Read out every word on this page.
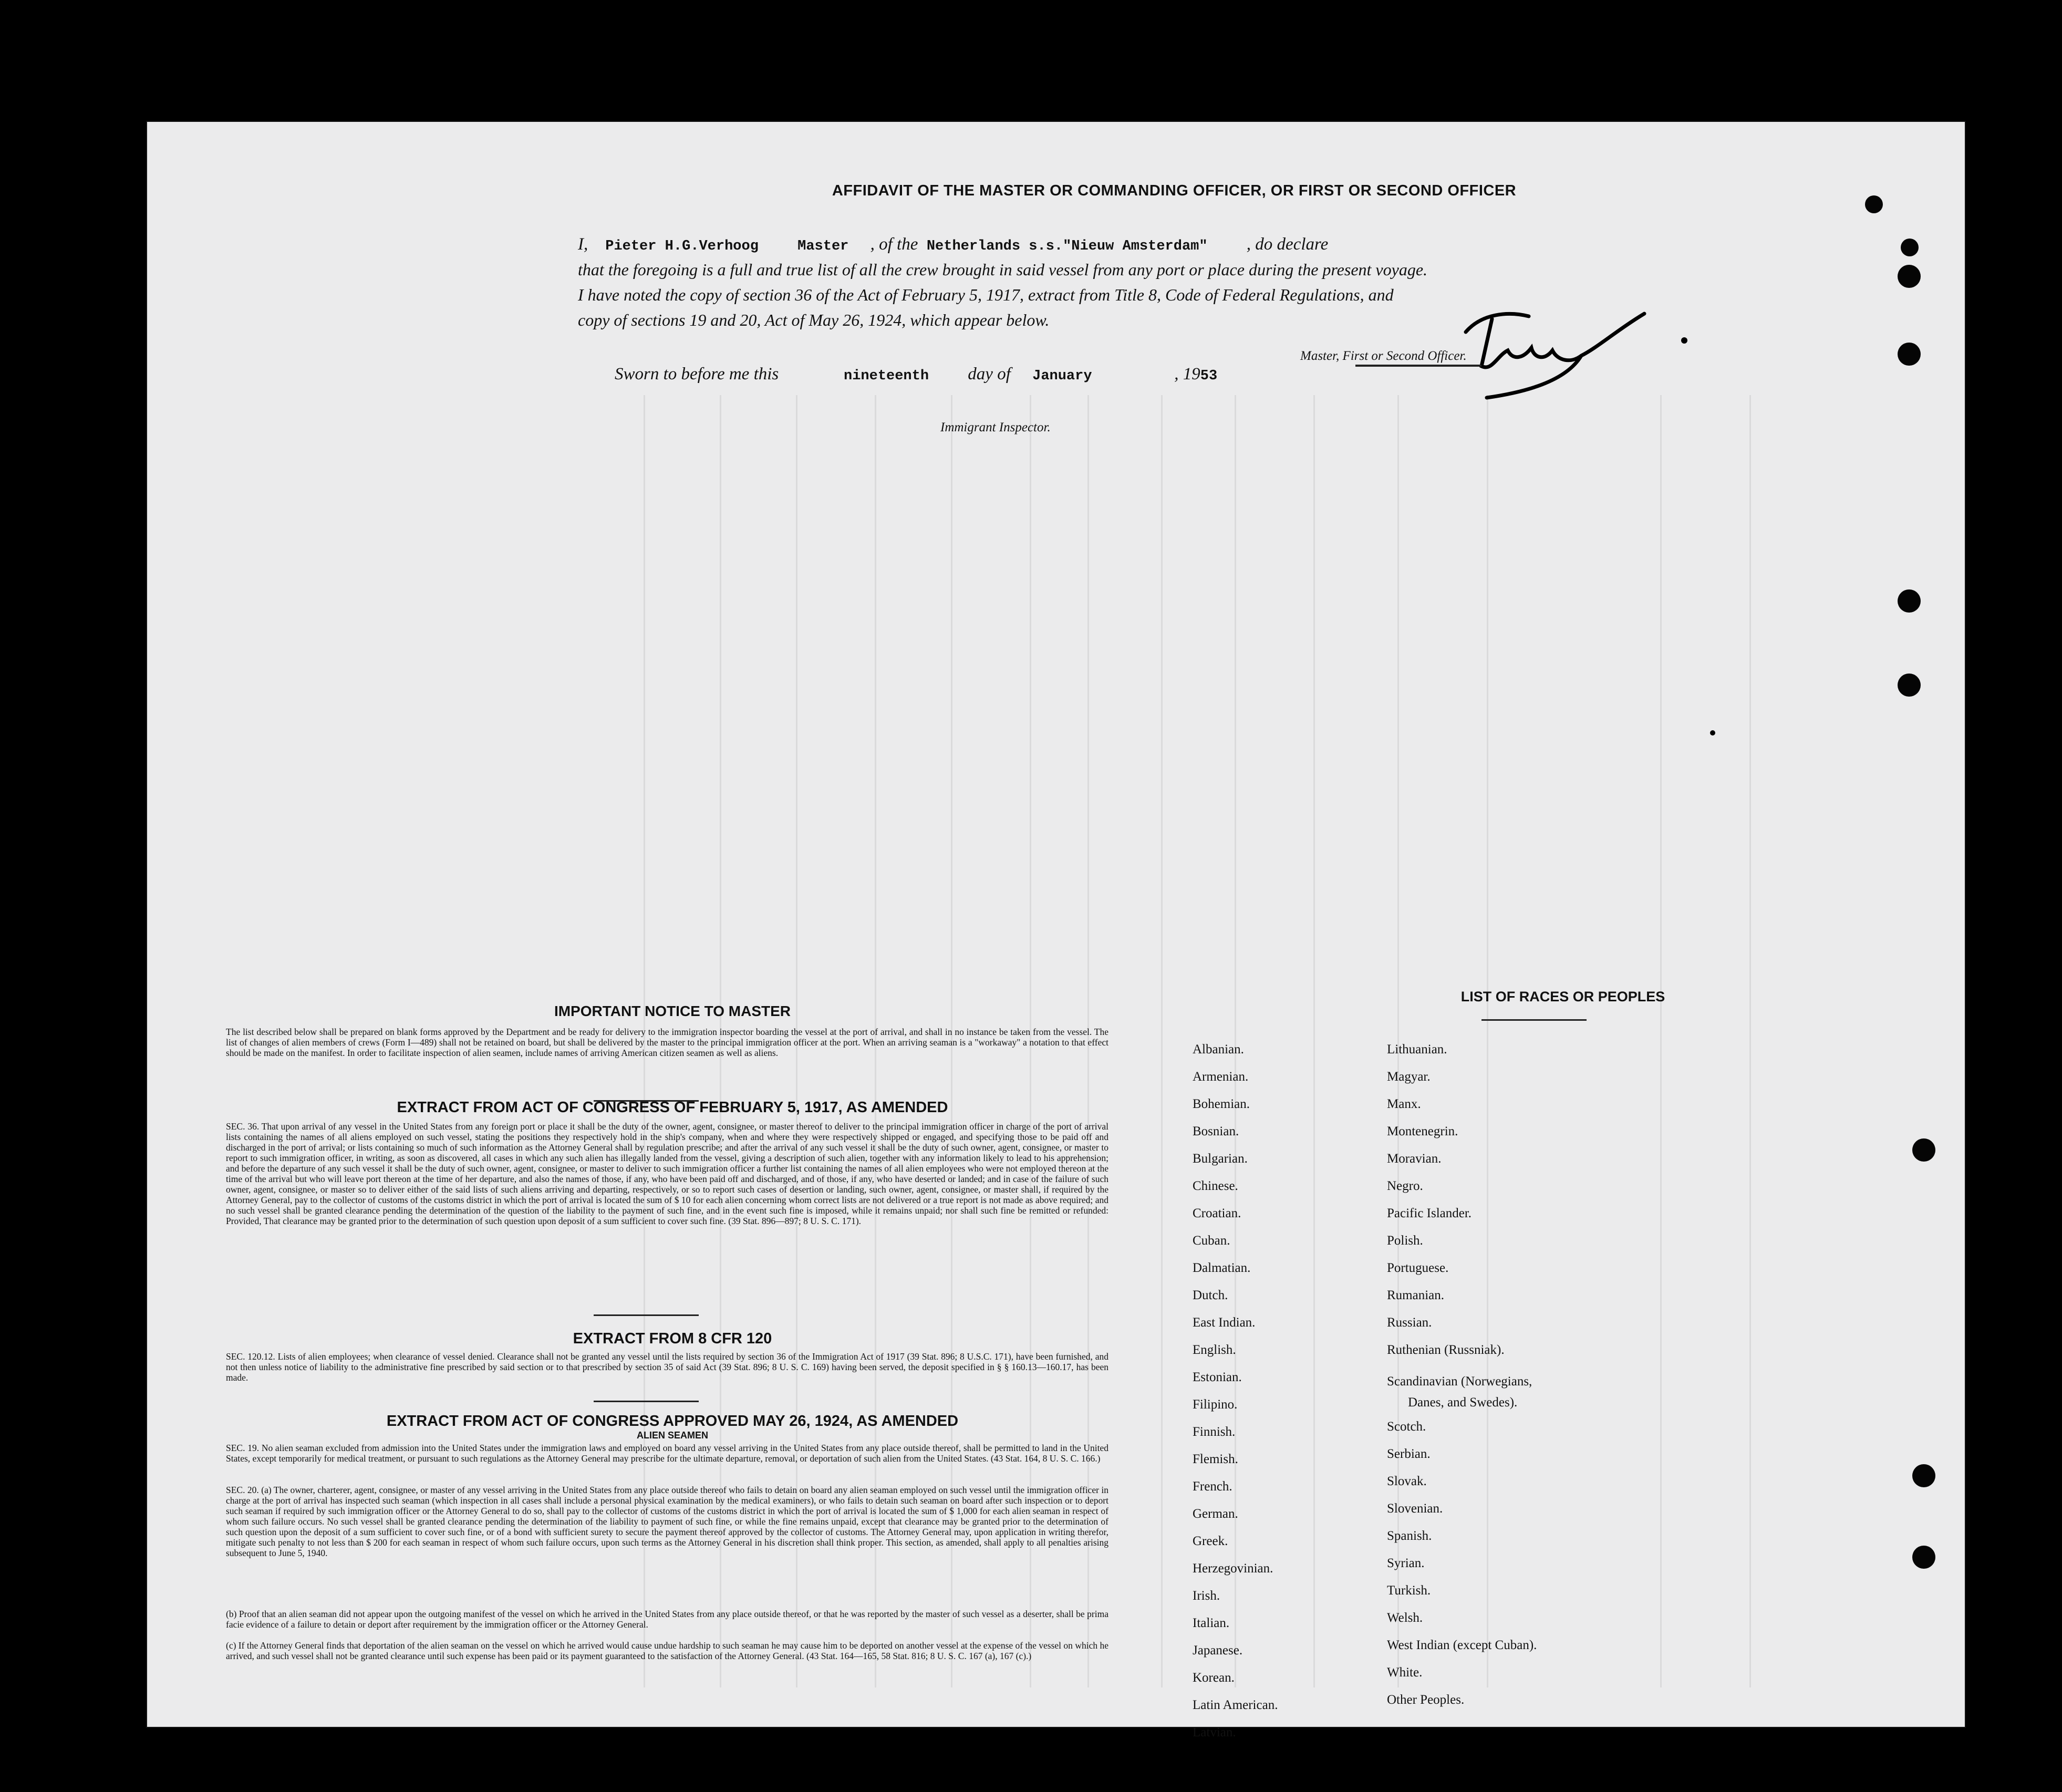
AFFIDAVIT OF THE MASTER OR COMMANDING OFFICER, OR FIRST OR SECOND OFFICER
I, Pieter H.G.Verhoog	Master , of the Netherlands s.s."Nieuw Amsterdam" , do declare
that the foregoing is a full and true list of all the crew brought in said vessel from any port or place during the present voyage.
I have noted the copy of section 36 of the Act of February 5, 1917, extract from Title 8, Code of Federal Regulations, and
copy of sections 19 and 20, Act of May 26, 1924, which appear below.
Master, First or Second Officer.
Sworn to before me this	nineteenth day of January	, 1953
Immigrant Inspector.
IMPORTANT NOTICE TO MASTER
The list described below shall be prepared on blank forms approved by the Department and be ready for delivery to the immigration inspector boarding the vessel at the port of arrival, and shall in no instance be taken from the vessel. The list of changes of alien members of crews (Form I—489) shall not be retained on board, but shall be delivered by the master to the principal immigration officer at the port. When an arriving seaman is a "workaway" a notation to that effect should be made on the manifest. In order to facilitate inspection of alien seamen, include names of arriving American citizen seamen as well as aliens.
EXTRACT FROM ACT OF CONGRESS OF FEBRUARY 5, 1917, AS AMENDED
SEC. 36. That upon arrival of any vessel in the United States from any foreign port or place it shall be the duty of the owner, agent, consignee, or master thereof to deliver to the principal immigration officer in charge of the port of arrival lists containing the names of all aliens employed on such vessel, stating the positions they respectively hold in the ship's company, when and where they were respectively shipped or engaged, and specifying those to be paid off and discharged in the port of arrival; or lists containing so much of such information as the Attorney General shall by regulation prescribe; and after the arrival of any such vessel it shall be the duty of such owner, agent, consignee, or master to report to such immigration officer, in writing, as soon as discovered, all cases in which any such alien has illegally landed from the vessel, giving a description of such alien, together with any information likely to lead to his apprehension; and before the departure of any such vessel it shall be the duty of such owner, agent, consignee, or master to deliver to such immigration officer a further list containing the names of all alien employees who were not employed thereon at the time of the arrival but who will leave port thereon at the time of her departure, and also the names of those, if any, who have been paid off and discharged, and of those, if any, who have deserted or landed; and in case of the failure of such owner, agent, consignee, or master so to deliver either of the said lists of such aliens arriving and departing, respectively, or so to report such cases of desertion or landing, such owner, agent, consignee, or master shall, if required by the Attorney General, pay to the collector of customs of the customs district in which the port of arrival is located the sum of $ 10 for each alien concerning whom correct lists are not delivered or a true report is not made as above required; and no such vessel shall be granted clearance pending the determination of the question of the liability to the payment of such fine, and in the event such fine is imposed, while it remains unpaid; nor shall such fine be remitted or refunded: Provided, That clearance may be granted prior to the determination of such question upon deposit of a sum sufficient to cover such fine. (39 Stat. 896—897; 8 U. S. C. 171).
EXTRACT FROM 8 CFR 120
SEC. 120.12. Lists of alien employees; when clearance of vessel denied. Clearance shall not be granted any vessel until the lists required by section 36 of the Immigration Act of 1917 (39 Stat. 896; 8 U.S.C. 171), have been furnished, and not then unless notice of liability to the administrative fine prescribed by said section or to that prescribed by section 35 of said Act (39 Stat. 896; 8 U. S. C. 169) having been served, the deposit specified in § § 160.13—160.17, has been made.
EXTRACT FROM ACT OF CONGRESS APPROVED MAY 26, 1924, AS AMENDED
ALIEN SEAMEN
SEC. 19. No alien seaman excluded from admission into the United States under the immigration laws and employed on board any vessel arriving in the United States from any place outside thereof, shall be permitted to land in the United States, except temporarily for medical treatment, or pursuant to such regulations as the Attorney General may prescribe for the ultimate departure, removal, or deportation of such alien from the United States. (43 Stat. 164, 8 U. S. C. 166.)
SEC. 20. (a) The owner, charterer, agent, consignee, or master of any vessel arriving in the United States from any place outside thereof who fails to detain on board any alien seaman employed on such vessel until the immigration officer in charge at the port of arrival has inspected such seaman (which inspection in all cases shall include a personal physical examination by the medical examiners), or who fails to detain such seaman on board after such inspection or to deport such seaman if required by such immigration officer or the Attorney General to do so, shall pay to the collector of customs of the customs district in which the port of arrival is located the sum of $ 1,000 for each alien seaman in respect of whom such failure occurs. No such vessel shall be granted clearance pending the determination of the liability to payment of such fine, or while the fine remains unpaid, except that clearance may be granted prior to the determination of such question upon the deposit of a sum sufficient to cover such fine, or of a bond with sufficient surety to secure the payment thereof approved by the collector of customs. The Attorney General may, upon application in writing therefor, mitigate such penalty to not less than $ 200 for each seaman in respect of whom such failure occurs, upon such terms as the Attorney General in his discretion shall think proper. This section, as amended, shall apply to all penalties arising subsequent to June 5, 1940.
(b) Proof that an alien seaman did not appear upon the outgoing manifest of the vessel on which he arrived in the United States from any place outside thereof, or that he was reported by the master of such vessel as a deserter, shall be prima facie evidence of a failure to detain or deport after requirement by the immigration officer or the Attorney General.
(c) If the Attorney General finds that deportation of the alien seaman on the vessel on which he arrived would cause undue hardship to such seaman he may cause him to be deported on another vessel at the expense of the vessel on which he arrived, and such vessel shall not be granted clearance until such expense has been paid or its payment guaranteed to the satisfaction of the Attorney General. (43 Stat. 164—165, 58 Stat. 816; 8 U. S. C. 167 (a), 167 (c).)
LIST OF RACES OR PEOPLES
Albanian.
Armenian.
Bohemian.
Bosnian.
Bulgarian.
Chinese.
Croatian.
Cuban.
Dalmatian.
Dutch.
East Indian.
English.
Estonian.
Filipino.
Finnish.
Flemish.
French.
German.
Greek.
Herzegovinian.
Irish.
Italian.
Japanese.
Korean.
Latin American.
Latvian.
Lithuanian.
Magyar.
Manx.
Montenegrin.
Moravian.
Negro.
Pacific Islander.
Polish.
Portuguese.
Rumanian.
Russian.
Ruthenian (Russniak).
Scandinavian (Norwegians,
Danes, and Swedes).
Scotch.
Serbian.
Slovak.
Slovenian.
Spanish.
Syrian.
Turkish.
Welsh.
West Indian (except Cuban).
White.
Other Peoples.
